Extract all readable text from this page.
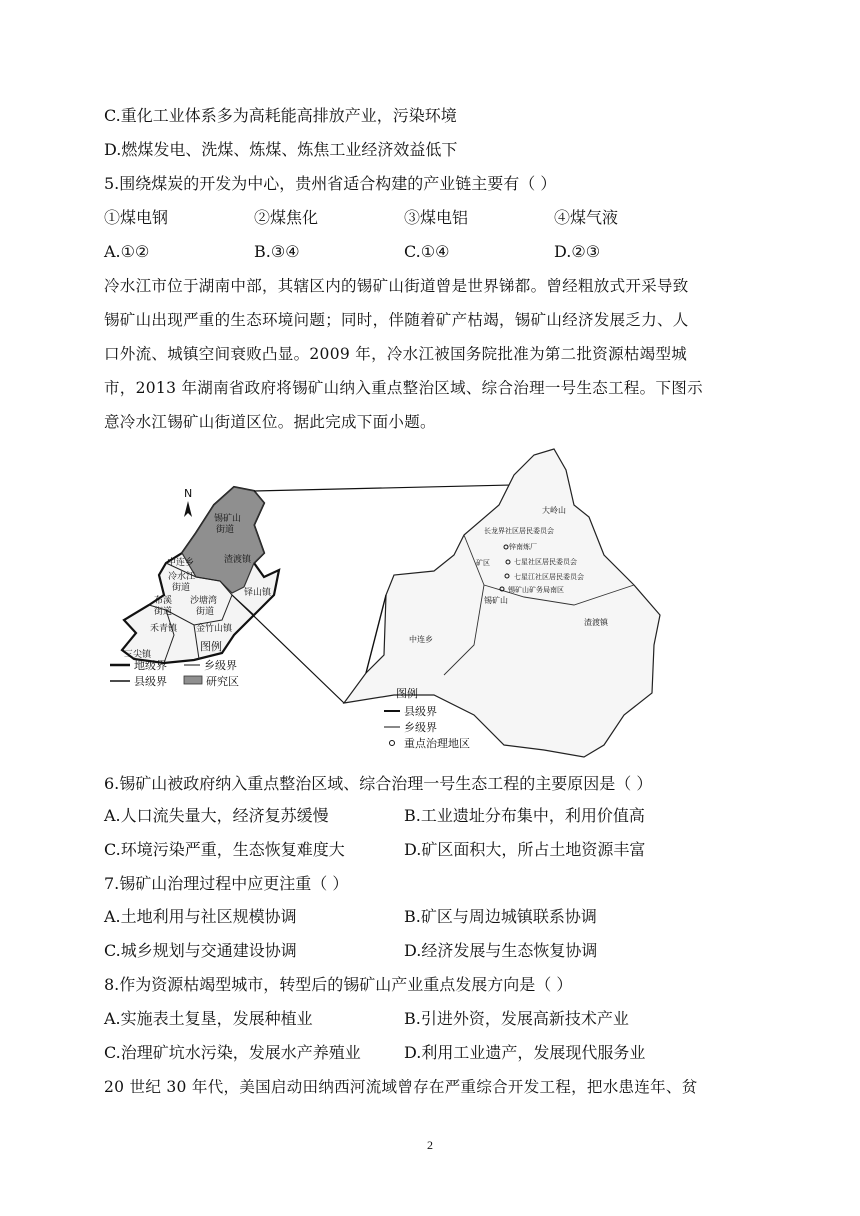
C.重化工业体系多为高耗能高排放产业，污染环境
D.燃煤发电、洗煤、炼煤、炼焦工业经济效益低下
5.围绕煤炭的开发为中心，贵州省适合构建的产业链主要有（ ）
①煤电钢	②煤焦化	③煤电铝	④煤气液
A.①②	B.③④	C.①④	D.②③
冷水江市位于湖南中部，其辖区内的锡矿山街道曾是世界锑都。曾经粗放式开采导致
锡矿山出现严重的生态环境问题；同时，伴随着矿产枯竭，锡矿山经济发展乏力、人
口外流、城镇空间衰败凸显。2009 年，冷水江被国务院批准为第二批资源枯竭型城
市，2013 年湖南省政府将锡矿山纳入重点整治区域、综合治理一号生态工程。下图示
意冷水江锡矿山街道区位。据此完成下面小题。
N
锡矿山
街道
中连乡	渣渡镇
冷水江
街道
沙塘湾
街道
铎山镇
布溪
街道
禾青镇 金竹山镇
三尖镇
图例
地级界	乡级界
县级界	研究区
大岭山
长龙界社区居民委员会
锌南炼厂
七星社区居民委员会
矿区
七星江社区居民委员会
锡矿山矿务局南区
锡矿山
中连乡
渣渡镇
图例
县级界
乡级界
重点治理地区
6.锡矿山被政府纳入重点整治区域、综合治理一号生态工程的主要原因是（ ）
A.人口流失量大，经济复苏缓慢	B.工业遗址分布集中，利用价值高
C.环境污染严重，生态恢复难度大	D.矿区面积大，所占土地资源丰富
7.锡矿山治理过程中应更注重（ ）
A.土地利用与社区规模协调	B.矿区与周边城镇联系协调
C.城乡规划与交通建设协调	D.经济发展与生态恢复协调
8.作为资源枯竭型城市，转型后的锡矿山产业重点发展方向是（ ）
A.实施表土复垦，发展种植业	B.引进外资，发展高新技术产业
C.治理矿坑水污染，发展水产养殖业	D.利用工业遗产，发展现代服务业
20 世纪 30 年代，美国启动田纳西河流域曾存在严重综合开发工程，把水患连年、贫
2
